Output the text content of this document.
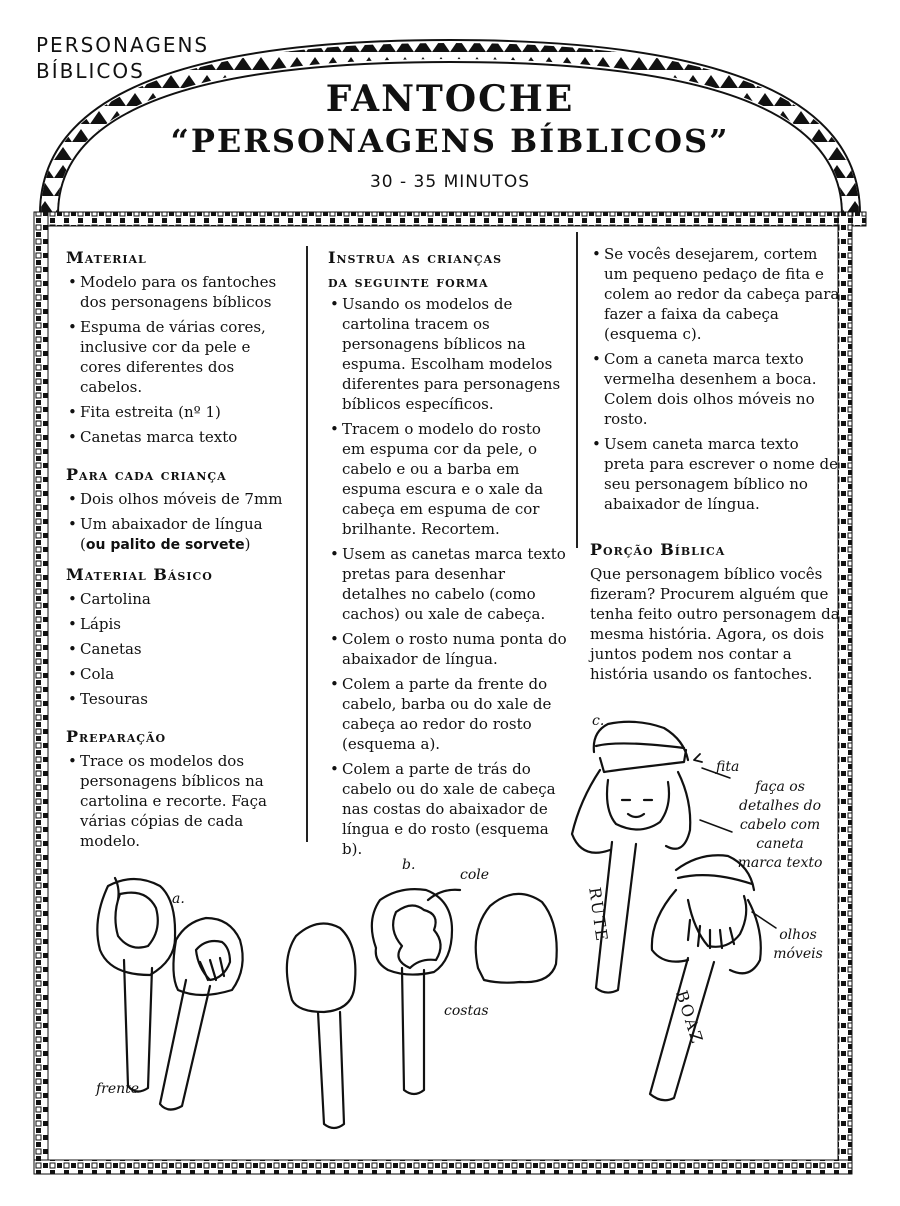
PERSONAGENS
BÍBLICOS
FANTOCHE
“PERSONAGENS BÍBLICOS”
30 - 35 MINUTOS
Material
• Modelo para os fantoches dos personagens bíblicos
• Espuma de várias cores, inclusive cor da pele e cores diferentes dos cabelos.
• Fita estreita (nº 1)
• Canetas marca texto
Para cada criança
• Dois olhos móveis de 7mm
• Um abaixador de língua (ou palito de sorvete)
Material Básico
• Cartolina
• Lápis
• Canetas
• Cola
• Tesouras
Preparação
• Trace os modelos dos personagens bíblicos na cartolina e recorte. Faça várias cópias de cada modelo.
Instrua as crianças
da seguinte forma
• Usando os modelos de cartolina tracem os personagens bíblicos na espuma. Escolham modelos diferentes para personagens bíblicos específicos.
• Tracem o modelo do rosto em espuma cor da pele, o cabelo e ou a barba em espuma escura e o xale da cabeça em espuma de cor brilhante. Recortem.
• Usem as canetas marca texto pretas para desenhar detalhes no cabelo (como cachos) ou xale de cabeça.
• Colem o rosto numa ponta do abaixador de língua.
• Colem a parte da frente do cabelo, barba ou do xale de cabeça ao redor do rosto (esquema a).
• Colem a parte de trás do cabelo ou do xale de cabeça nas costas do abaixador de língua e do rosto (esquema b).
• Se vocês desejarem, cortem um pequeno pedaço de fita e colem ao redor da cabeça para fazer a faixa da cabeça (esquema c).
• Com a caneta marca texto vermelha desenhem a boca. Colem dois olhos móveis no rosto.
• Usem caneta marca texto preta para escrever o nome de seu personagem bíblico no abaixador de língua.
Porção Bíblica

Que personagem bíblico vocês fizeram? Procurem alguém que tenha feito outro personagem da mesma história. Agora, os dois juntos podem nos contar a história usando os fantoches.

a.
frente
b.
cole
costas
c.
fita
faça os detalhes do cabelo com caneta marca texto
olhos móveis
RUTE
BOAZ
